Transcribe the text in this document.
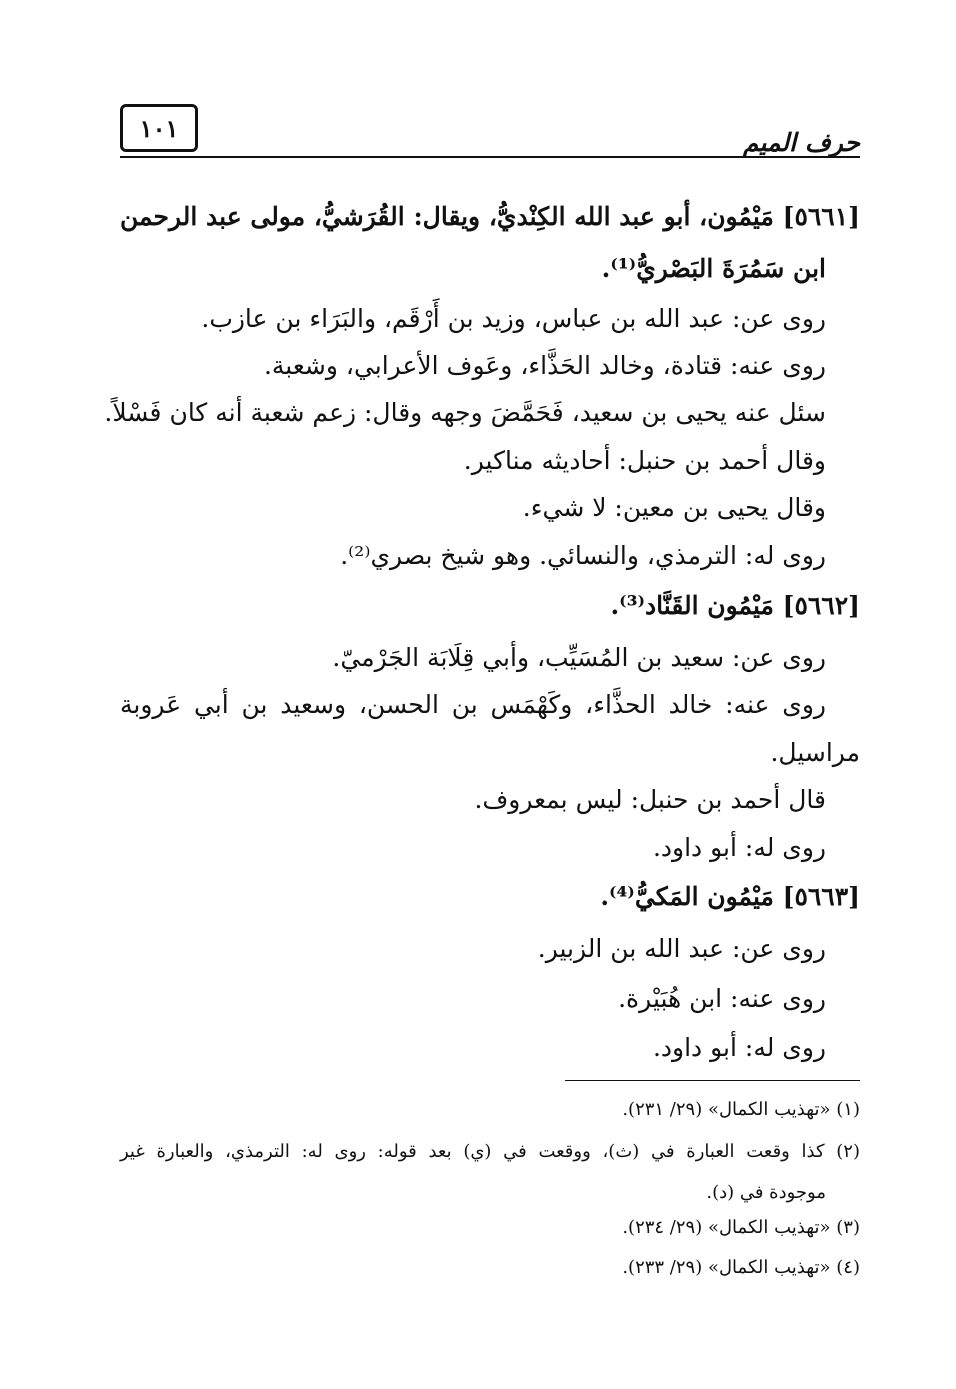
١٠١	حرف الميم
[٥٦٦١] مَيْمُون، أبو عبد الله الكِنْديُّ، ويقال: القُرَشيُّ، مولى عبد الرحمن
ابن سَمُرَةَ البَصْريُّ⁽¹⁾.
روى عن: عبد الله بن عباس، وزيد بن أَرْقَم، والبَرَاء بن عازب.
روى عنه: قتادة، وخالد الحَذَّاء، وعَوف الأعرابي، وشعبة.
سئل عنه يحيى بن سعيد، فَحَمَّضَ وجهه وقال: زعم شعبة أنه كان فَسْلاً.
وقال أحمد بن حنبل: أحاديثه مناكير.
وقال يحيى بن معين: لا شيء.
روى له: الترمذي، والنسائي. وهو شيخ بصري⁽²⁾.
[٥٦٦٢] مَيْمُون القَنَّاد⁽³⁾.
روى عن: سعيد بن المُسَيِّب، وأبي قِلَابَة الجَرْميّ.
روى عنه: خالد الحذَّاء، وكَهْمَس بن الحسن، وسعيد بن أبي عَروبة
مراسيل.
قال أحمد بن حنبل: ليس بمعروف.
روى له: أبو داود.
[٥٦٦٣] مَيْمُون المَكيُّ⁽⁴⁾.
روى عن: عبد الله بن الزبير.
روى عنه: ابن هُبَيْرة.
روى له: أبو داود.
(١) «تهذيب الكمال» (٢٩/ ٢٣١).
(٢) كذا وقعت العبارة في (ث)، ووقعت في (ي) بعد قوله: روى له: الترمذي، والعبارة غير
موجودة في (د).
(٣) «تهذيب الكمال» (٢٩/ ٢٣٤).
(٤) «تهذيب الكمال» (٢٩/ ٢٣٣).
